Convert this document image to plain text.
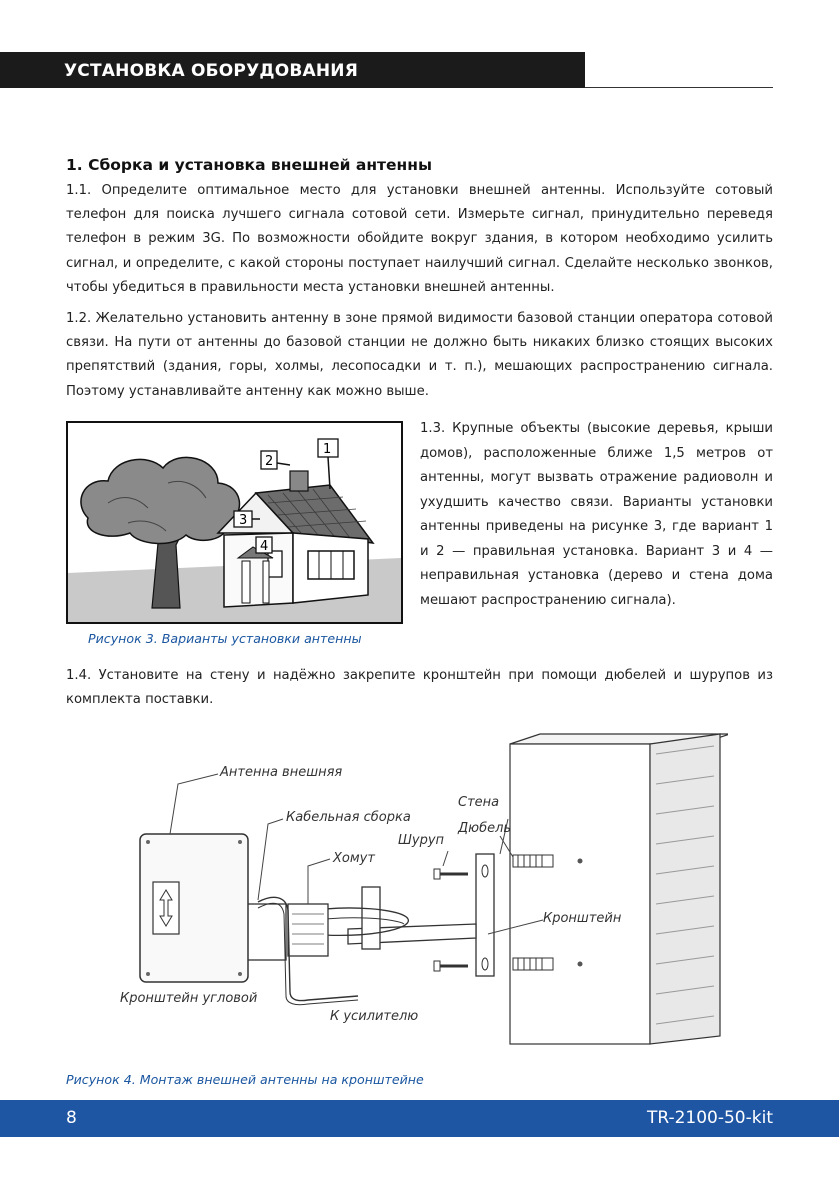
УСТАНОВКА ОБОРУДОВАНИЯ
1. Сборка и установка внешней антенны
1.1. Определите оптимальное место для установки внешней антенны. Используйте сотовый телефон для поиска лучшего сигнала сотовой сети. Измерьте сигнал, принудительно переведя телефон в режим 3G. По возможности обойдите вокруг здания, в котором необходимо усилить сигнал, и определите, с какой стороны поступает наилучший сигнал. Сделайте несколько звонков, чтобы убедиться в правильности места установки внешней антенны.
1.2. Желательно установить антенну в зоне прямой видимости базовой станции оператора сотовой связи. На пути от антенны до базовой станции не должно быть никаких близко стоящих высоких препятствий (здания, горы, холмы, лесопосадки и т. п.), мешающих распространению сигнала. Поэтому устанавливайте антенну как можно выше.
1
2
3
4
Рисунок 3. Варианты установки антенны
1.3. Крупные объекты (высокие деревья, крыши домов), расположенные ближе 1,5 метров от антенны, могут вызвать отражение радиоволн и ухудшить качество связи. Варианты установки антенны приведены на рисунке 3, где вариант 1 и 2 — правильная установка. Вариант 3 и 4 — неправильная установка (дерево и стена дома мешают распространению сигнала).
1.4. Установите на стену и надёжно закрепите кронштейн при помощи дюбелей и шурупов из комплекта поставки.
Антенна внешняя
Кабельная сборка
Хомут
Шуруп
Стена
Дюбель
Кронштейн
Кронштейн угловой
К усилителю
Рисунок 4. Монтаж внешней антенны на кронштейне
8	TR-2100-50-kit
